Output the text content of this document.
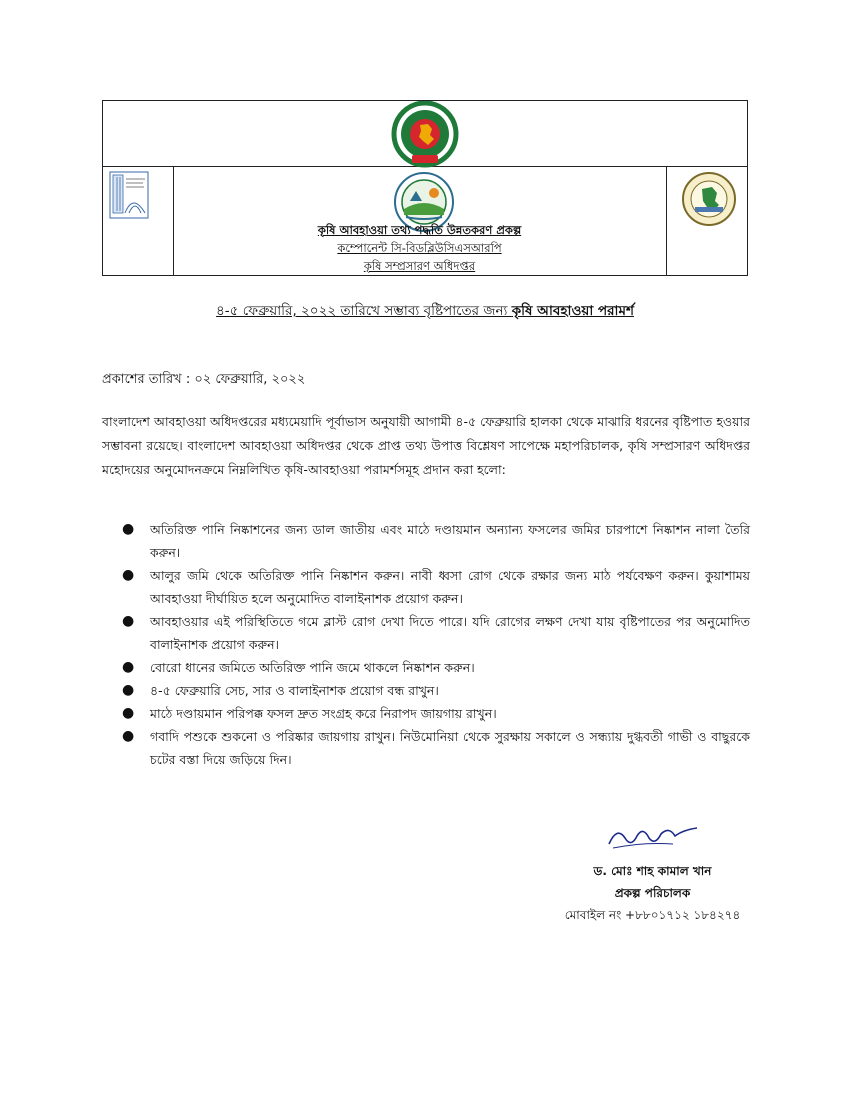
কৃষি আবহাওয়া তথ্য পদ্ধতি উন্নতকরণ প্রকল্প
কম্পোনেন্ট সি-বিডব্লিউসিএসআরপি
কৃষি সম্প্রসারণ অধিদপ্তর
৪-৫ ফেব্রুয়ারি, ২০২২ তারিখে সম্ভাব্য বৃষ্টিপাতের জন্য কৃষি আবহাওয়া পরামর্শ
প্রকাশের তারিখ : ০২ ফেব্রুয়ারি, ২০২২
বাংলাদেশ আবহাওয়া অধিদপ্তরের মধ্যমেয়াদি পূর্বাভাস অনুযায়ী আগামী ৪-৫ ফেব্রুয়ারি হালকা থেকে মাঝারি ধরনের বৃষ্টিপাত হওয়ার সম্ভাবনা রয়েছে। বাংলাদেশ আবহাওয়া অধিদপ্তর থেকে প্রাপ্ত তথ্য উপাত্ত বিশ্লেষণ সাপেক্ষে মহাপরিচালক, কৃষি সম্প্রসারণ অধিদপ্তর মহোদয়ের অনুমোদনক্রমে নিম্নলিখিত কৃষি-আবহাওয়া পরামর্শসমূহ প্রদান করা হলো:
● অতিরিক্ত পানি নিষ্কাশনের জন্য ডাল জাতীয় এবং মাঠে দণ্ডায়মান অন্যান্য ফসলের জমির চারপাশে নিষ্কাশন নালা তৈরি করুন।
● আলুর জমি থেকে অতিরিক্ত পানি নিষ্কাশন করুন। নাবী ধ্বসা রোগ থেকে রক্ষার জন্য মাঠ পর্যবেক্ষণ করুন। কুয়াশাময় আবহাওয়া দীর্ঘায়িত হলে অনুমোদিত বালাইনাশক প্রয়োগ করুন।
● আবহাওয়ার এই পরিস্থিতিতে গমে ব্লাস্ট রোগ দেখা দিতে পারে। যদি রোগের লক্ষণ দেখা যায় বৃষ্টিপাতের পর অনুমোদিত বালাইনাশক প্রয়োগ করুন।
● বোরো ধানের জমিতে অতিরিক্ত পানি জমে থাকলে নিষ্কাশন করুন।
● ৪-৫ ফেব্রুয়ারি সেচ, সার ও বালাইনাশক প্রয়োগ বন্ধ রাখুন।
● মাঠে দণ্ডায়মান পরিপক্ক ফসল দ্রুত সংগ্রহ করে নিরাপদ জায়গায় রাখুন।
● গবাদি পশুকে শুকনো ও পরিষ্কার জায়গায় রাখুন। নিউমোনিয়া থেকে সুরক্ষায় সকালে ও সন্ধ্যায় দুগ্ধবতী গাভী ও বাছুরকে চটের বস্তা দিয়ে জড়িয়ে দিন।
ড. মোঃ শাহ কামাল খান
প্রকল্প পরিচালক
মোবাইল নং +৮৮০১৭১২ ১৮৪২৭৪
